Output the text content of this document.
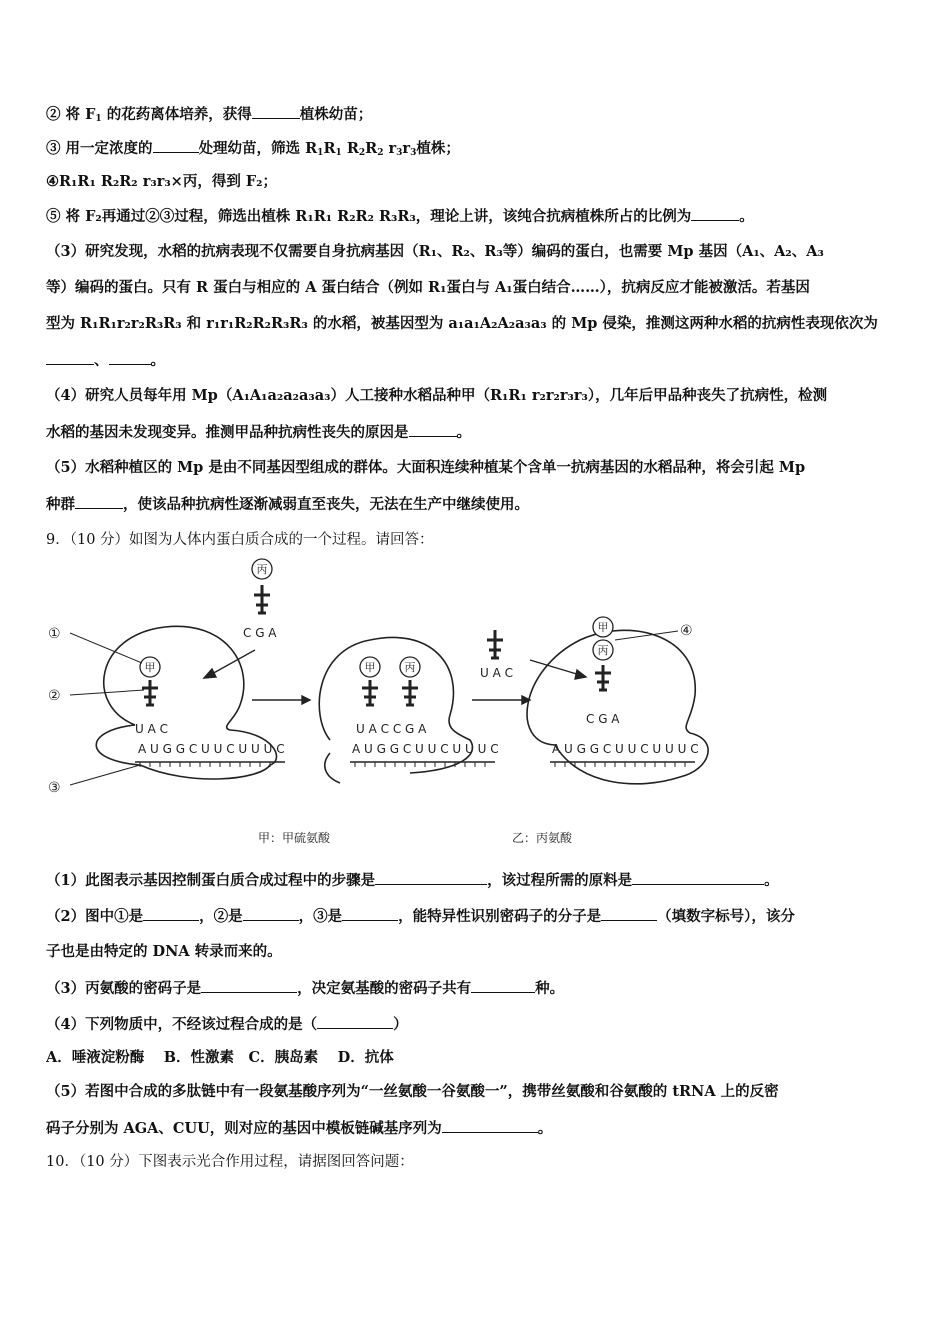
② 将 $F_1$ 的花药离体培养，获得	植株幼苗；
③ 用一定浓度的	处理幼苗，筛选 $R_1R_1$ $R_2R_2$ $r_3r_3$植株；
④R₁R₁ R₂R₂ r₃r₃×丙，得到 F₂；
⑤ 将 F₂再通过②③过程，筛选出植株 R₁R₁ R₂R₂ R₃R₃，理论上讲，该纯合抗病植株所占的比例为	。
（3）研究发现，水稻的抗病表现不仅需要自身抗病基因（R₁、R₂、R₃等）编码的蛋白，也需要 Mp 基因（A₁、A₂、A₃
等）编码的蛋白。只有 R 蛋白与相应的 A 蛋白结合（例如 R₁蛋白与 A₁蛋白结合……），抗病反应才能被激活。若基因
型为 R₁R₁r₂r₂R₃R₃ 和 r₁r₁R₂R₂R₃R₃ 的水稻，被基因型为 a₁a₁A₂A₂a₃a₃ 的 Mp 侵染，推测这两种水稻的抗病性表现依次为
、	。
（4）研究人员每年用 Mp（A₁A₁a₂a₂a₃a₃）人工接种水稻品种甲（R₁R₁ r₂r₂r₃r₃），几年后甲品种丧失了抗病性，检测
水稻的基因未发现变异。推测甲品种抗病性丧失的原因是	。
（5）水稻种植区的 Mp 是由不同基因型组成的群体。大面积连续种植某个含单一抗病基因的水稻品种，将会引起 Mp
种群	，使该品种抗病性逐渐减弱直至丧失，无法在生产中继续使用。
9．（10 分）如图为人体内蛋白质合成的一个过程。请回答：
A U G G C U U C U U U C	A U G G C U U C U U U C	A U G G C U U C U U U C
U A C	U A C C G A
U A C
C G A
C G A
甲	甲	丙
丙
甲
丙
①
②
③
④
甲：甲硫氨酸	乙：丙氨酸
（1）此图表示基因控制蛋白质合成过程中的步骤是	，该过程所需的原料是	。
（2）图中①是	，②是	，③是	，能特异性识别密码子的分子是	（填数字标号），该分
子也是由特定的 DNA 转录而来的。
（3）丙氨酸的密码子是	，决定氨基酸的密码子共有	种。
（4）下列物质中，不经该过程合成的是（	）
A．唾液淀粉酶　 B．性激素　C．胰岛素　 D．抗体
（5）若图中合成的多肽链中有一段氨基酸序列为“一丝氨酸一谷氨酸一”，携带丝氨酸和谷氨酸的 tRNA 上的反密
码子分别为 AGA、CUU，则对应的基因中模板链碱基序列为	。
10．（10 分）下图表示光合作用过程，请据图回答问题：
